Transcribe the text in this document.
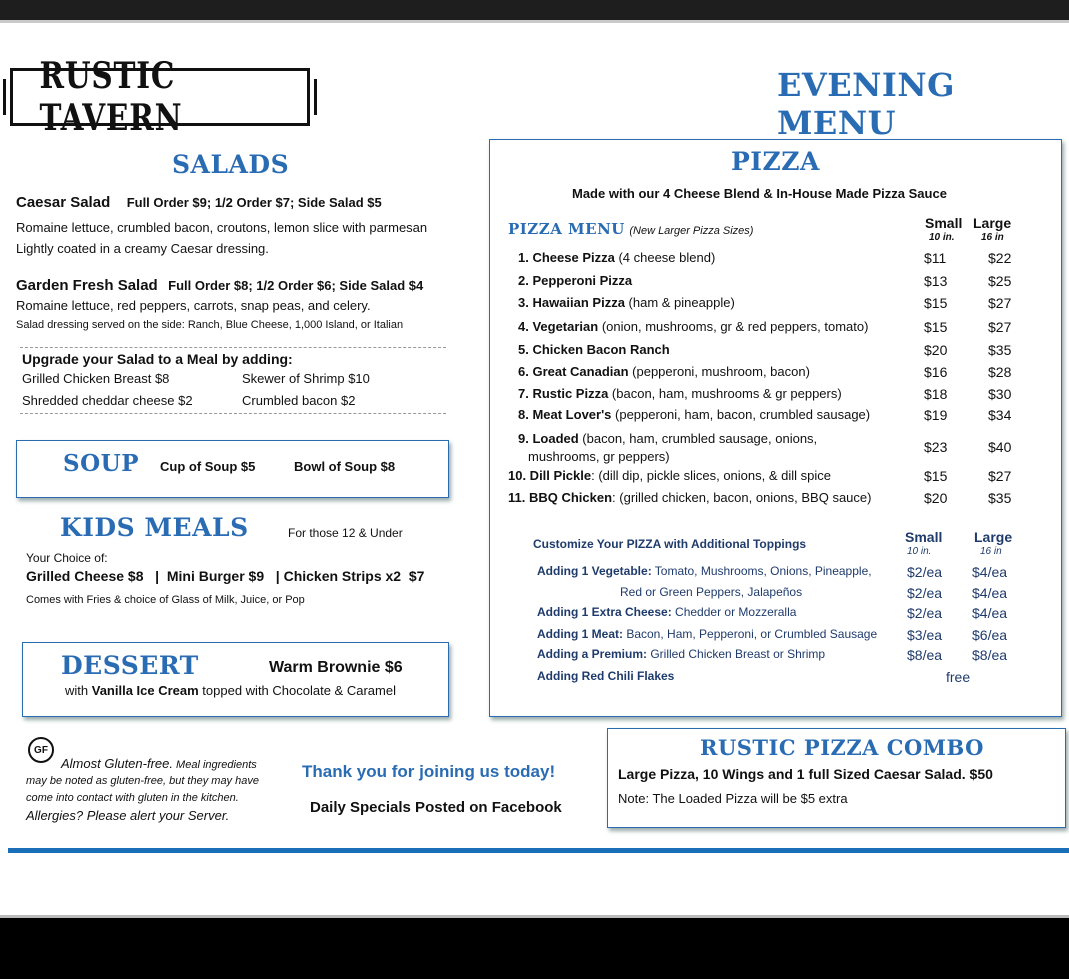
RUSTIC TAVERN
EVENING MENU
SALADS
Caesar Salad Full Order $9; 1/2 Order $7; Side Salad $5
Romaine lettuce, crumbled bacon, croutons, lemon slice with parmesan
Lightly coated in a creamy Caesar dressing.
Garden Fresh Salad Full Order $8; 1/2 Order $6; Side Salad $4
Romaine lettuce, red peppers, carrots, snap peas, and celery.
Salad dressing served on the side: Ranch, Blue Cheese, 1,000 Island, or Italian
Upgrade your Salad to a Meal by adding:
Grilled Chicken Breast $8	Skewer of Shrimp $10
Shredded cheddar cheese $2	Crumbled bacon $2
SOUP Cup of Soup $5	Bowl of Soup $8
KIDS MEALS	For those 12 & Under
Your Choice of:
Grilled Cheese $8   |  Mini Burger $9   | Chicken Strips x2  $7
Comes with Fries & choice of Glass of Milk, Juice, or Pop
DESSERT	Warm Brownie $6
with Vanilla Ice Cream topped with Chocolate & Caramel
PIZZA
Made with our 4 Cheese Blend & In-House Made Pizza Sauce
PIZZA MENU (New Larger Pizza Sizes)	Small Large
10 in.	16 in
1. Cheese Pizza (4 cheese blend)	$11	$22
2. Pepperoni Pizza	$13	$25
3. Hawaiian Pizza (ham & pineapple)	$15	$27
4. Vegetarian (onion, mushrooms, gr & red peppers, tomato)	$15	$27
5. Chicken Bacon Ranch	$20	$35
6. Great Canadian (pepperoni, mushroom, bacon)	$16	$28
7. Rustic Pizza (bacon, ham, mushrooms & gr peppers)	$18	$30
8. Meat Lover's (pepperoni, ham, bacon, crumbled sausage)	$19	$34
9. Loaded (bacon, ham, crumbled sausage, onions,
mushrooms, gr peppers)
$23	$40
10. Dill Pickle: (dill dip, pickle slices, onions, & dill spice	$15	$27
11. BBQ Chicken: (grilled chicken, bacon, onions, BBQ sauce)	$20	$35
Customize Your PIZZA with Additional Toppings	Small Large
10 in.	16 in
Adding 1 Vegetable: Tomato, Mushrooms, Onions, Pineapple,	$2/ea $4/ea
Red or Green Peppers, Jalapeños	$2/ea $4/ea
Adding 1 Extra Cheese: Chedder or Mozzeralla	$2/ea $4/ea
Adding 1 Meat: Bacon, Ham, Pepperoni, or Crumbled Sausage $3/ea $6/ea
Adding a Premium: Grilled Chicken Breast or Shrimp	$8/ea $8/ea
Adding Red Chili Flakes	free
GF
Almost Gluten-free. Meal ingredients
may be noted as gluten-free, but they may have
come into contact with gluten in the kitchen.
Allergies? Please alert your Server.
Thank you for joining us today!
Daily Specials Posted on Facebook
RUSTIC PIZZA COMBO
Large Pizza, 10 Wings and 1 full Sized Caesar Salad. $50
Note: The Loaded Pizza will be $5 extra
